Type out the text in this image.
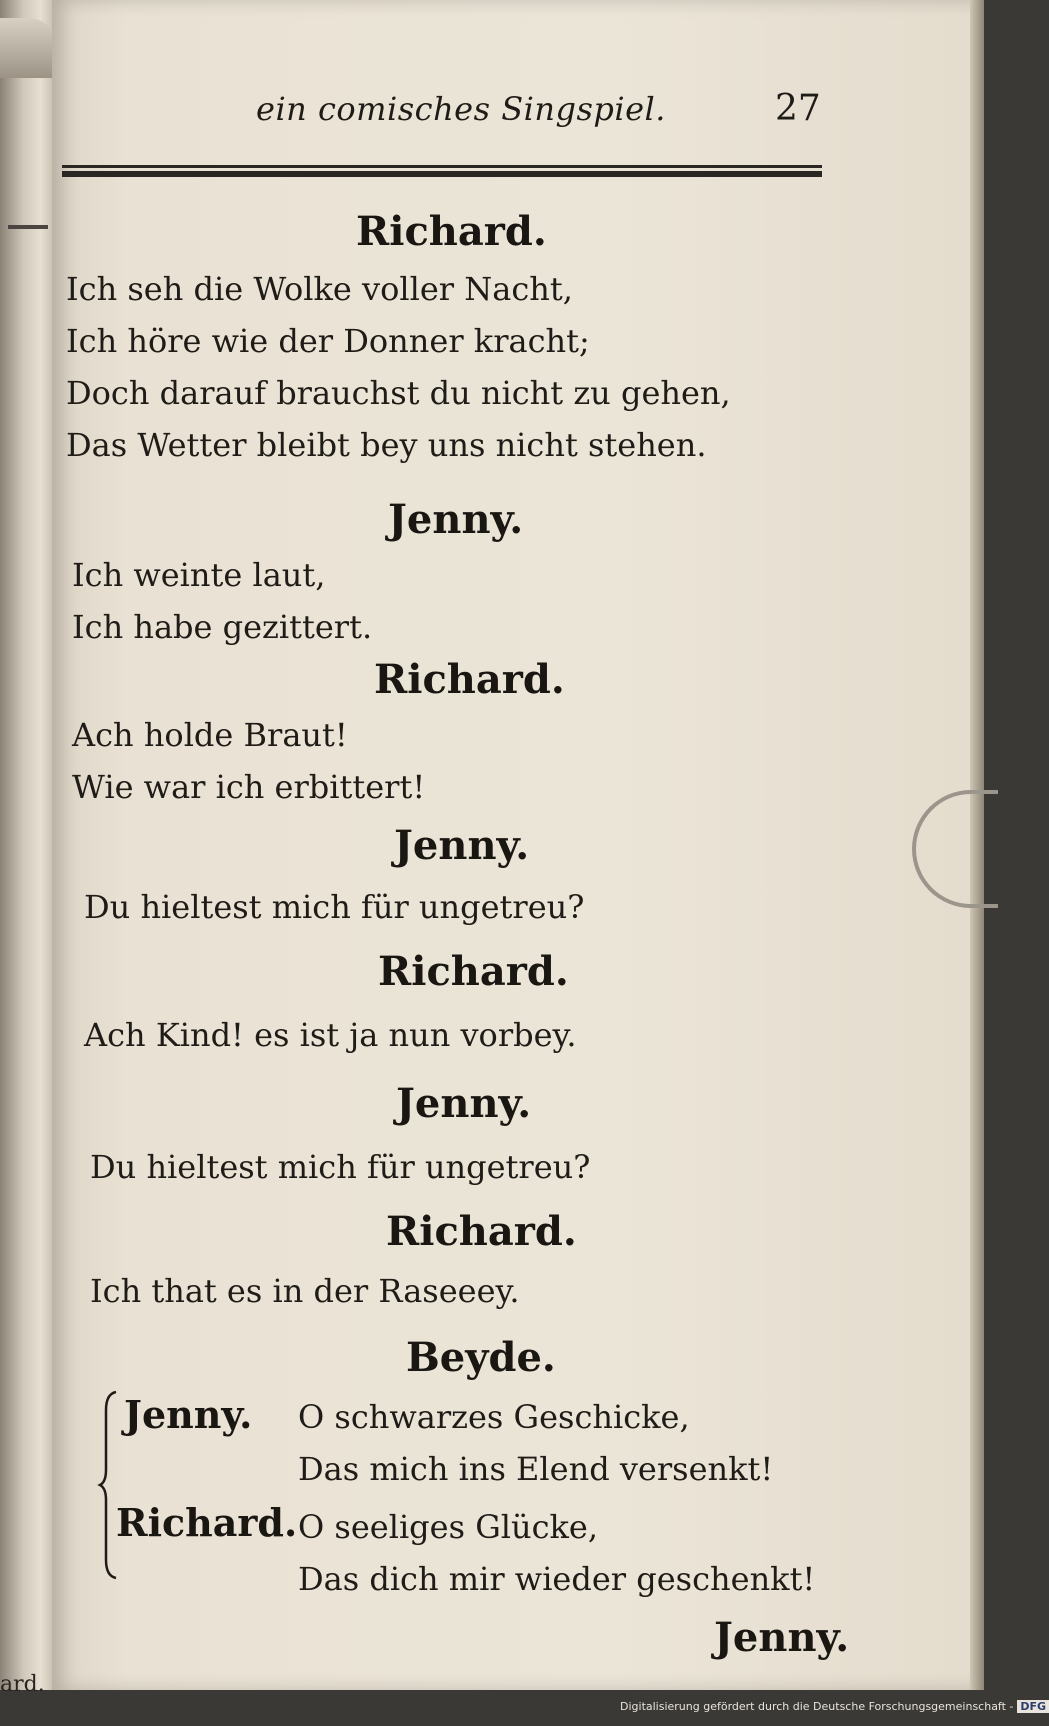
ard.
ein comisches Singspiel.	27
Richard.
Ich seh die Wolke voller Nacht,
Ich höre wie der Donner kracht;
Doch darauf brauchst du nicht zu gehen,
Das Wetter bleibt bey uns nicht stehen.
Jenny.
Ich weinte laut,
Ich habe gezittert.
Richard.
Ach holde Braut!
Wie war ich erbittert!
Jenny.
Du hieltest mich für ungetreu?
Richard.
Ach Kind! es ist ja nun vorbey.
Jenny.
Du hieltest mich für ungetreu?
Richard.
Ich that es in der Raseeey.
Beyde.
Jenny. O schwarzes Geschicke,
Das mich ins Elend versenkt!
Richard. O seeliges Glücke,
Das dich mir wieder geschenkt!
Jenny.
Digitalisierung gefördert durch die Deutsche Forschungsgemeinschaft - DFG
